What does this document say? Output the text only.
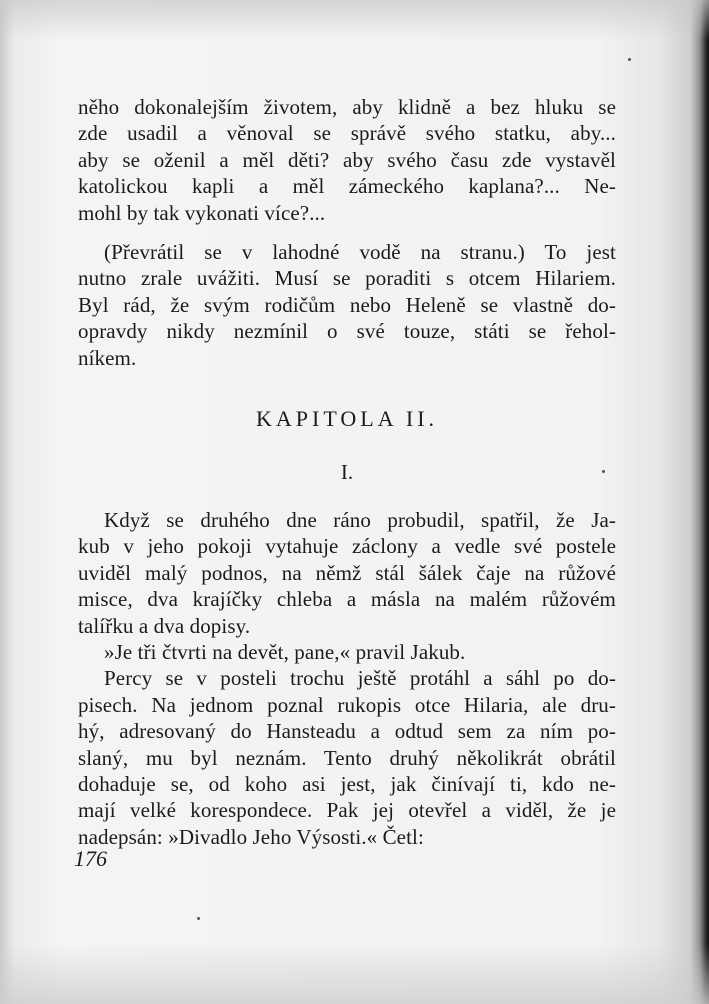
něho dokonalejším životem, aby klidně a bez hluku se
zde usadil a věnoval se správě svého statku, aby...
aby se oženil a měl děti? aby svého času zde vystavěl
katolickou kapli a měl zámeckého kaplana?... Ne-
mohl by tak vykonati více?...
(Převrátil se v lahodné vodě na stranu.) To jest
nutno zrale uvážiti. Musí se poraditi s otcem Hilariem.
Byl rád, že svým rodičům nebo Heleně se vlastně do-
opravdy nikdy nezmínil o své touze, státi se řehol-
níkem.
KAPITOLA II.
I.
Když se druhého dne ráno probudil, spatřil, že Ja-
kub v jeho pokoji vytahuje záclony a vedle své postele
uviděl malý podnos, na němž stál šálek čaje na růžové
misce, dva krajíčky chleba a másla na malém růžovém
talířku a dva dopisy.
»Je tři čtvrti na devět, pane,« pravil Jakub.
Percy se v posteli trochu ještě protáhl a sáhl po do-
pisech. Na jednom poznal rukopis otce Hilaria, ale dru-
hý, adresovaný do Hansteadu a odtud sem za ním po-
slaný, mu byl neznám. Tento druhý několikrát obrátil
dohaduje se, od koho asi jest, jak činívají ti, kdo ne-
mají velké korespondece. Pak jej otevřel a viděl, že je
nadepsán: »Divadlo Jeho Výsosti.« Četl:
176
